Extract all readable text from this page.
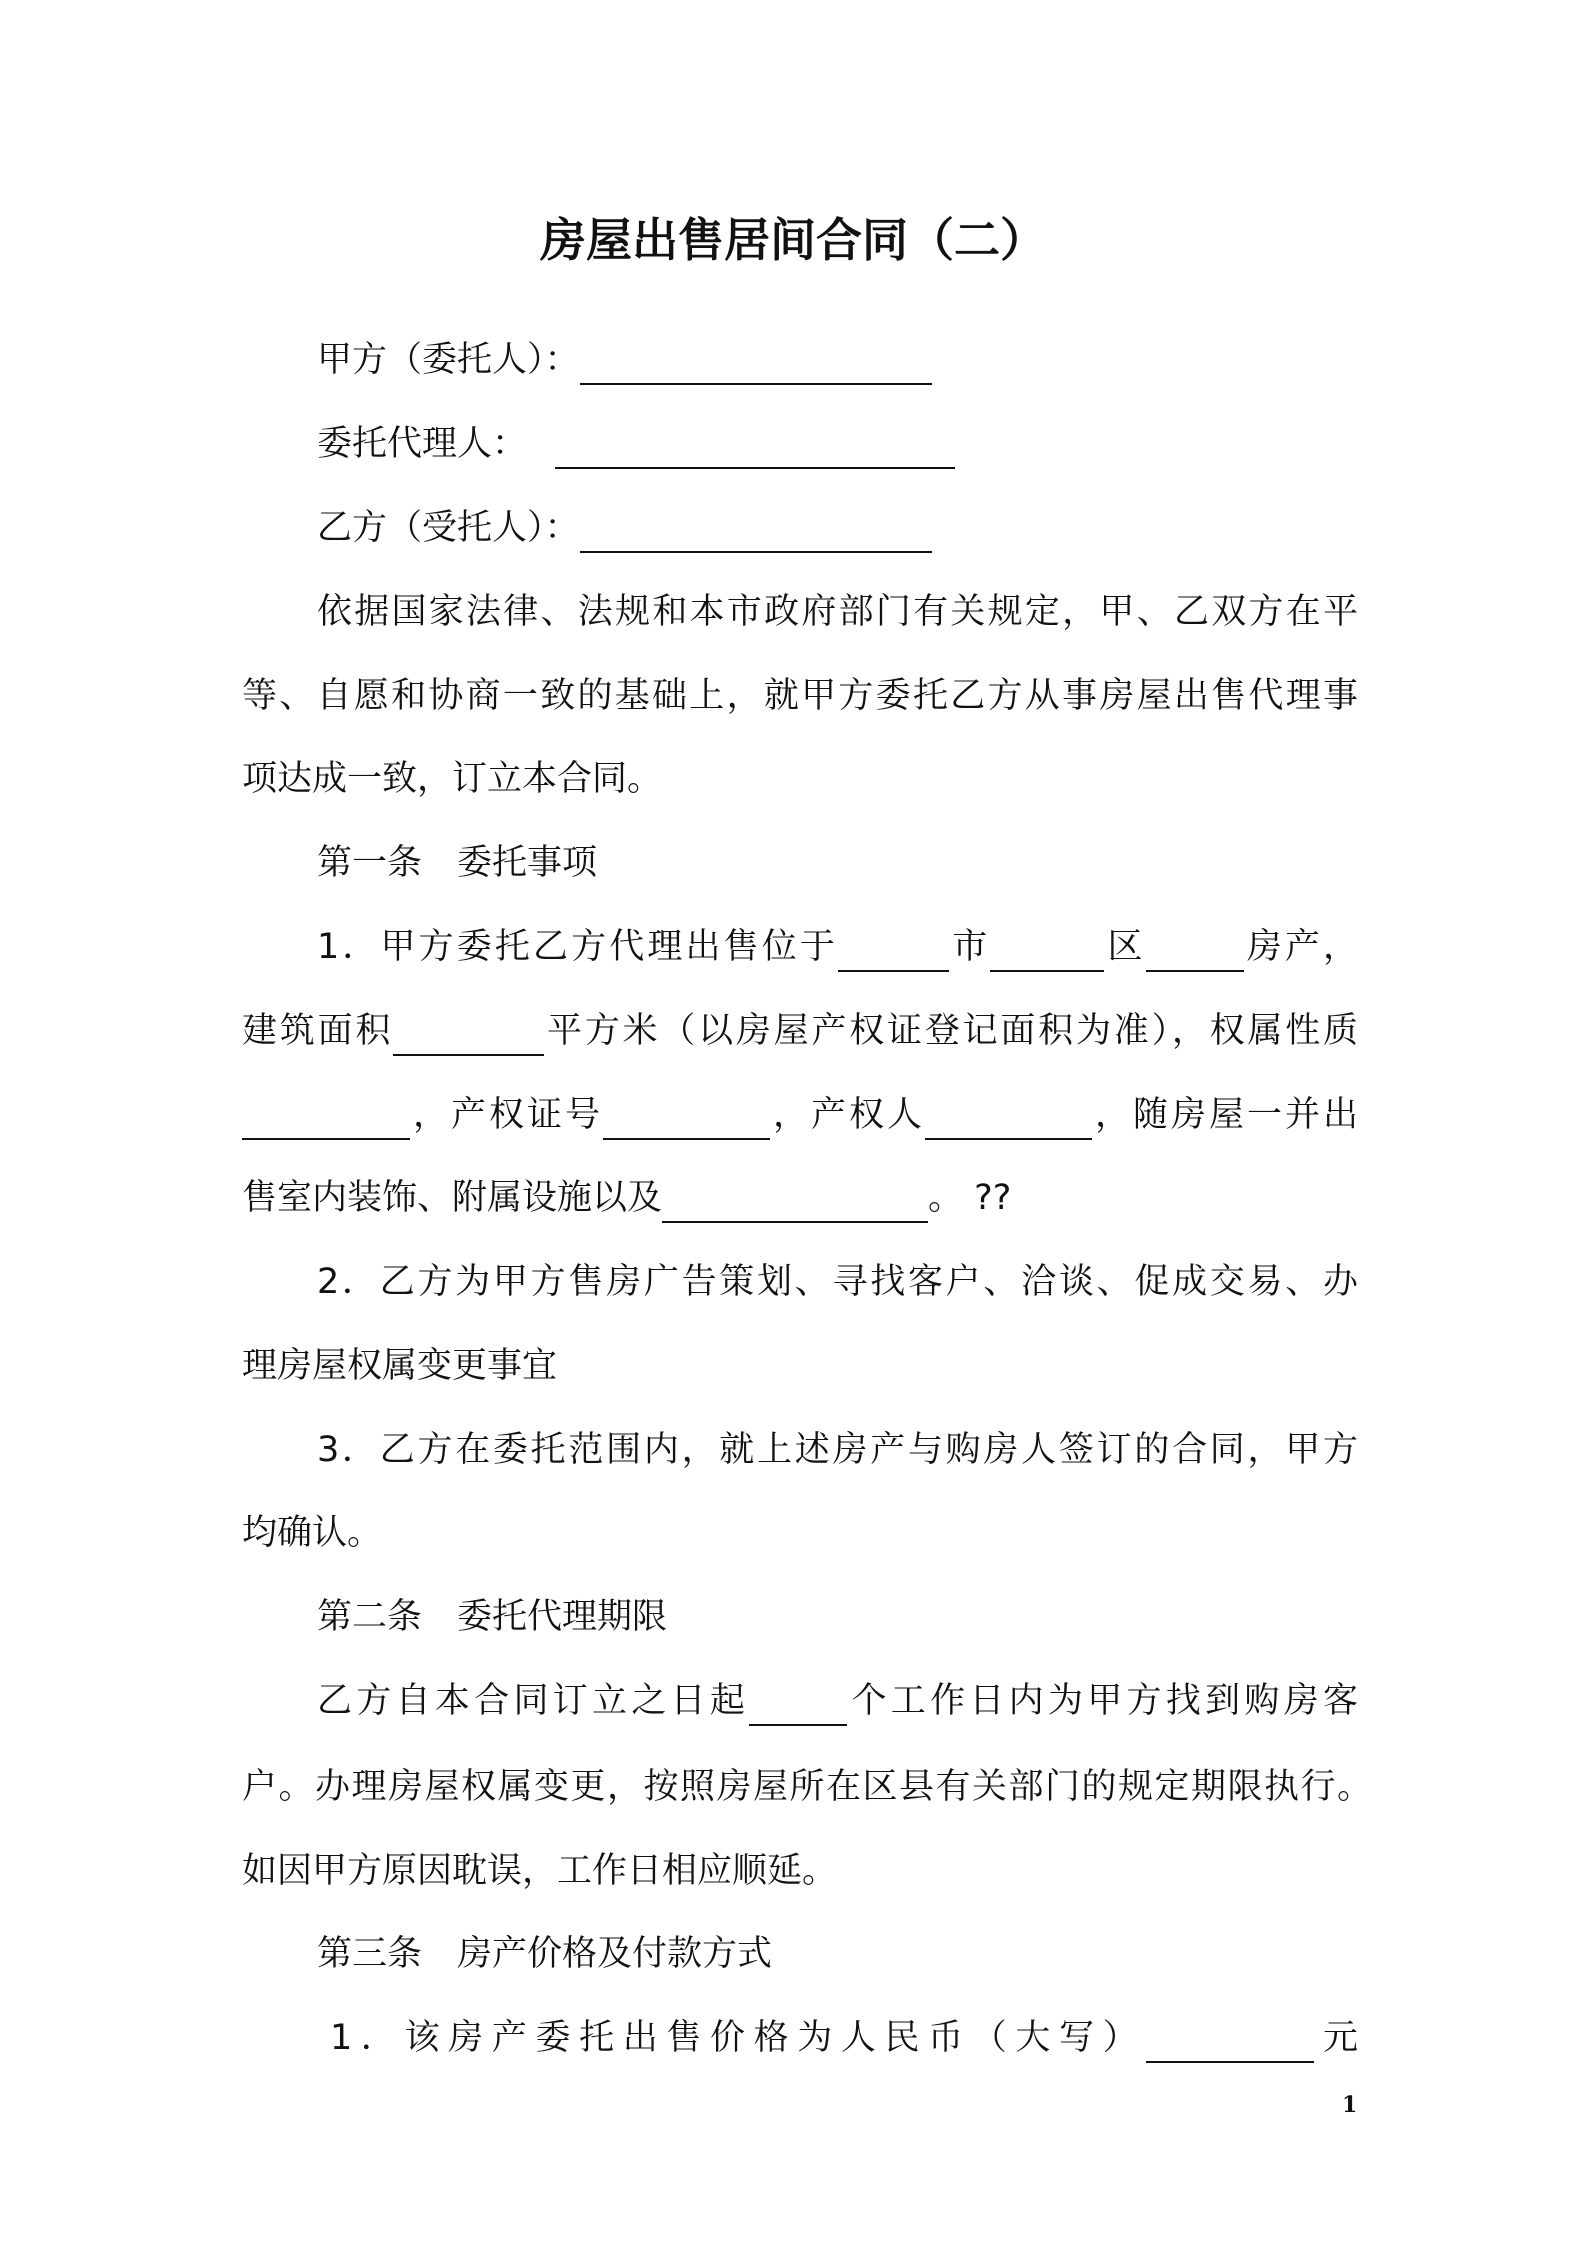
房屋出售居间合同（二）
甲方（委托人）：
委托代理人：
乙方（受托人）：
依据国家法律、法规和本市政府部门有关规定，甲、乙双方在平
等、自愿和协商一致的基础上，就甲方委托乙方从事房屋出售代理事
项达成一致，订立本合同。
第一条　委托事项
1．甲方委托乙方代理出售位于	市	区	房产，
建筑面积	平方米（以房屋产权证登记面积为准），权属性质
，产权证号	，产权人	，随房屋一并出
售室内装饰、附属设施以及	。 ??
2．乙方为甲方售房广告策划、寻找客户、洽谈、促成交易、办
理房屋权属变更事宜
3．乙方在委托范围内，就上述房产与购房人签订的合同，甲方
均确认。
第二条　委托代理期限
乙方自本合同订立之日起	个工作日内为甲方找到购房客
户。办理房屋权属变更，按照房屋所在区县有关部门的规定期限执行。
如因甲方原因耽误，工作日相应顺延。
第三条　房产价格及付款方式
1．该房产委托出售价格为人民币（大写）	元
1
